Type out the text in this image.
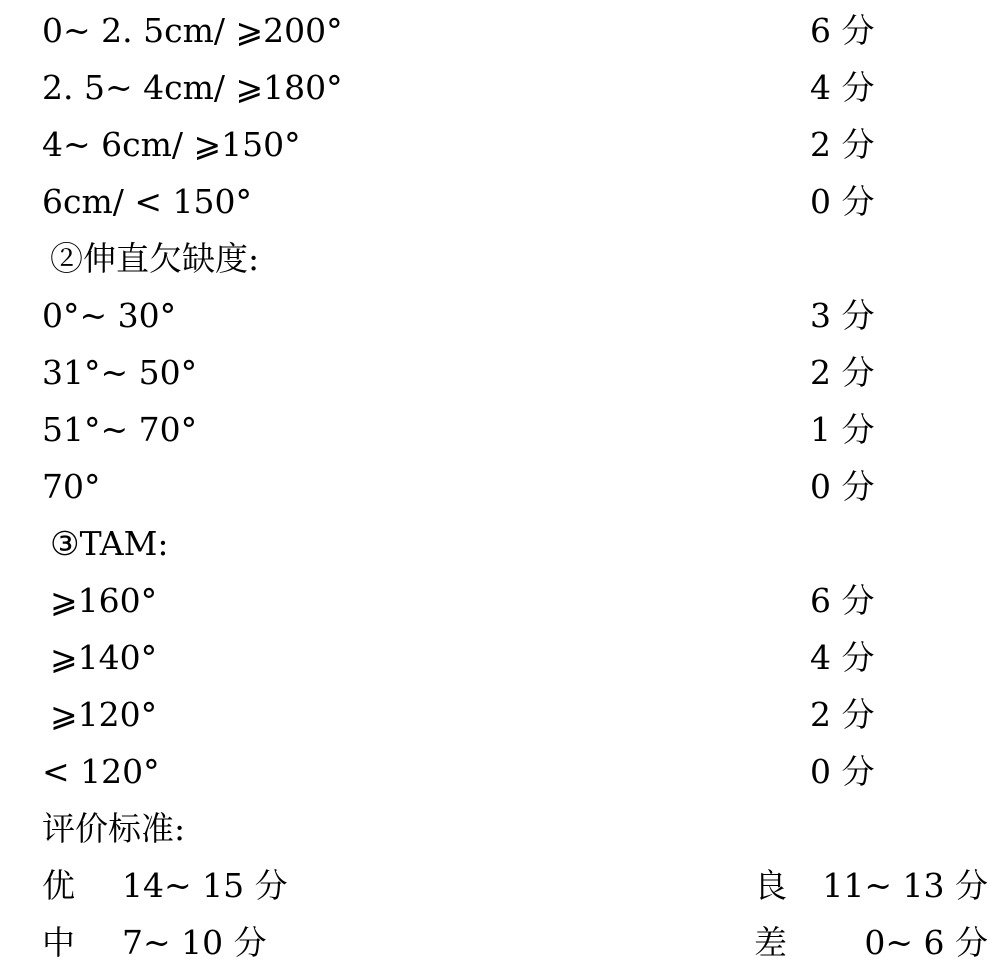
0~ 2. 5cm/ ⩾200°	6 分
2. 5~ 4cm/ ⩾180°	4 分
4~ 6cm/ ⩾150°	2 分
6cm/ < 150°	0 分
②伸直欠缺度:
0°~ 30°	3 分
31°~ 50°	2 分
51°~ 70°	1 分
70°	0 分
③TAM:
⩾160°	6 分
⩾140°	4 分
⩾120°	2 分
< 120°	0 分
评价标准:
优 14~ 15 分	良 11~ 13 分
中 7~ 10 分	差 0~ 6 分
